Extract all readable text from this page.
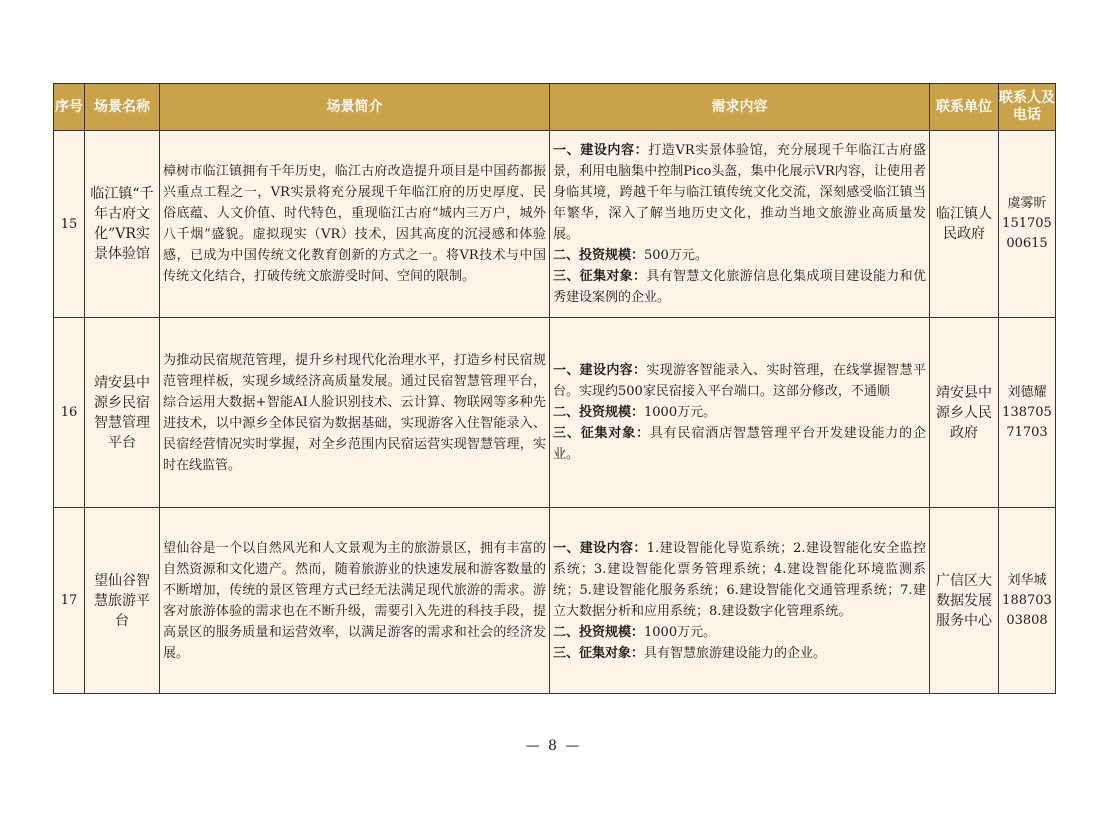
序号	场景名称	场景简介	需求内容	联系单位	联系人及电话
15	临江镇“千年古府文化”VR实景体验馆	樟树市临江镇拥有千年历史，临江古府改造提升项目是中国药都振兴重点工程之一，VR实景将充分展现千年临江府的历史厚度、民俗底蕴、人文价值、时代特色，重现临江古府“城内三万户，城外八千烟”盛貌。虚拟现实（VR）技术，因其高度的沉浸感和体验感，已成为中国传统文化教育创新的方式之一。将VR技术与中国传统文化结合，打破传统文旅游受时间、空间的限制。	一、建设内容：打造VR实景体验馆，充分展现千年临江古府盛景，利用电脑集中控制Pico头盔，集中化展示VR内容，让使用者身临其境，跨越千年与临江镇传统文化交流，深刻感受临江镇当年繁华，深入了解当地历史文化，推动当地文旅游业高质量发展。
二、投资规模：500万元。
三、征集对象：具有智慧文化旅游信息化集成项目建设能力和优秀建设案例的企业。	临江镇人民政府	虞雾昕
151705
00615

16	靖安县中源乡民宿智慧管理平台	为推动民宿规范管理，提升乡村现代化治理水平，打造乡村民宿规范管理样板，实现乡域经济高质量发展。通过民宿智慧管理平台，综合运用大数据+智能AI人脸识别技术、云计算、物联网等多种先进技术，以中源乡全体民宿为数据基础，实现游客入住智能录入、民宿经营情况实时掌握，对全乡范围内民宿运营实现智慧管理，实时在线监管。	一、建设内容：实现游客智能录入、实时管理，在线掌握智慧平台。实现约500家民宿接入平台端口。这部分修改，不通顺
二、投资规模：1000万元。
三、征集对象：具有民宿酒店智慧管理平台开发建设能力的企业。	靖安县中源乡人民政府	刘德耀
138705
71703

17	望仙谷智慧旅游平台	望仙谷是一个以自然风光和人文景观为主的旅游景区，拥有丰富的自然资源和文化遗产。然而，随着旅游业的快速发展和游客数量的不断增加，传统的景区管理方式已经无法满足现代旅游的需求。游客对旅游体验的需求也在不断升级，需要引入先进的科技手段，提高景区的服务质量和运营效率，以满足游客的需求和社会的经济发展。	一、建设内容：1.建设智能化导览系统；2.建设智能化安全监控系统；3.建设智能化票务管理系统；4.建设智能化环境监测系统；5.建设智能化服务系统；6.建设智能化交通管理系统；7.建立大数据分析和应用系统；8.建设数字化管理系统。
二、投资规模：1000万元。
三、征集对象：具有智慧旅游建设能力的企业。	广信区大数据发展服务中心	刘华城
188703
03808
— 8 —
